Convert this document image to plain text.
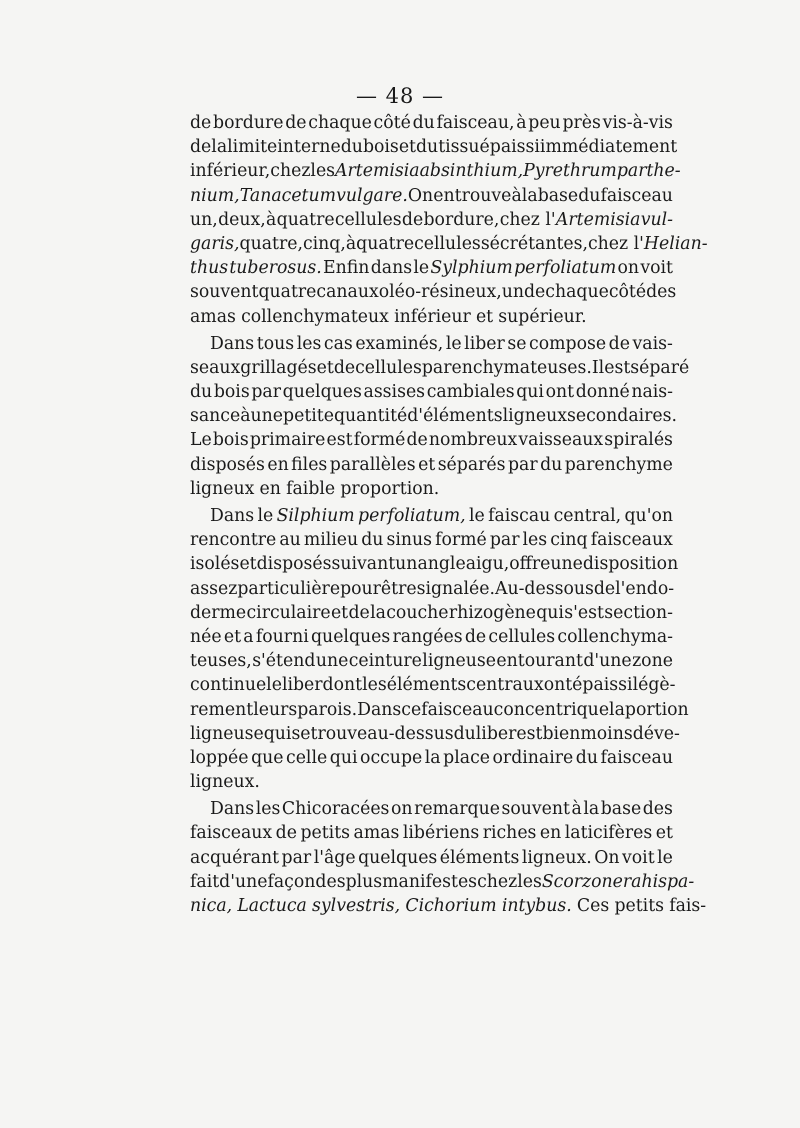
— 48 —
de bordure de chaque côté du faisceau, à peu près vis-à-vis
de la limite interne du bois et du tissu épaissi immédiatement
inférieur, chez les Artemisia absinthium, Pyrethrum parthe-
nium, Tanacetum vulgare. On en trouve à la base du faisceau
un, deux, à quatre cellules de bordure, chez l' Artemisia vul-
garis, quatre, cinq, à quatre cellules sécrétantes, chez l' Helian-
thus tuberosus. Enfin dans le Sylphium perfoliatum on voit
souvent quatre canaux oléo-résineux, un de chaque côté des
amas collenchymateux inférieur et supérieur.
Dans tous les cas examinés, le liber se compose de vais-
seaux grillagés et de cellules parenchymateuses. Il est séparé
du bois par quelques assises cambiales qui ont donné nais-
sance à une petite quantité d'éléments ligneux secondaires.
Le bois primaire est formé de nombreux vaisseaux spiralés
disposés en files parallèles et séparés par du parenchyme
ligneux en faible proportion.
Dans le Silphium perfoliatum, le faiscau central, qu'on
rencontre au milieu du sinus formé par les cinq faisceaux
isolés et disposés suivant un angle aigu, offre une disposition
assez particulière pour être signalée. Au-dessous de l'endo-
derme circulaire et de la couche rhizogène qui s'est section-
née et a fourni quelques rangées de cellules collenchyma-
teuses, s'étend une ceinture ligneuse entourant d'une zone
continue le liber dont les éléments centraux ont épaissi légè-
rement leurs parois. Dans ce faisceau concentrique la portion
ligneuse qui se trouve au-dessus du liber est bien moins déve-
loppée que celle qui occupe la place ordinaire du faisceau
ligneux.
Dans les Chicoracées on remarque souvent à la base des
faisceaux de petits amas libériens riches en laticifères et
acquérant par l'âge quelques éléments ligneux. On voit le
fait d'une façon des plus manifestes chez les Scorzonera hispa-
nica, Lactuca sylvestris, Cichorium intybus. Ces petits fais-
